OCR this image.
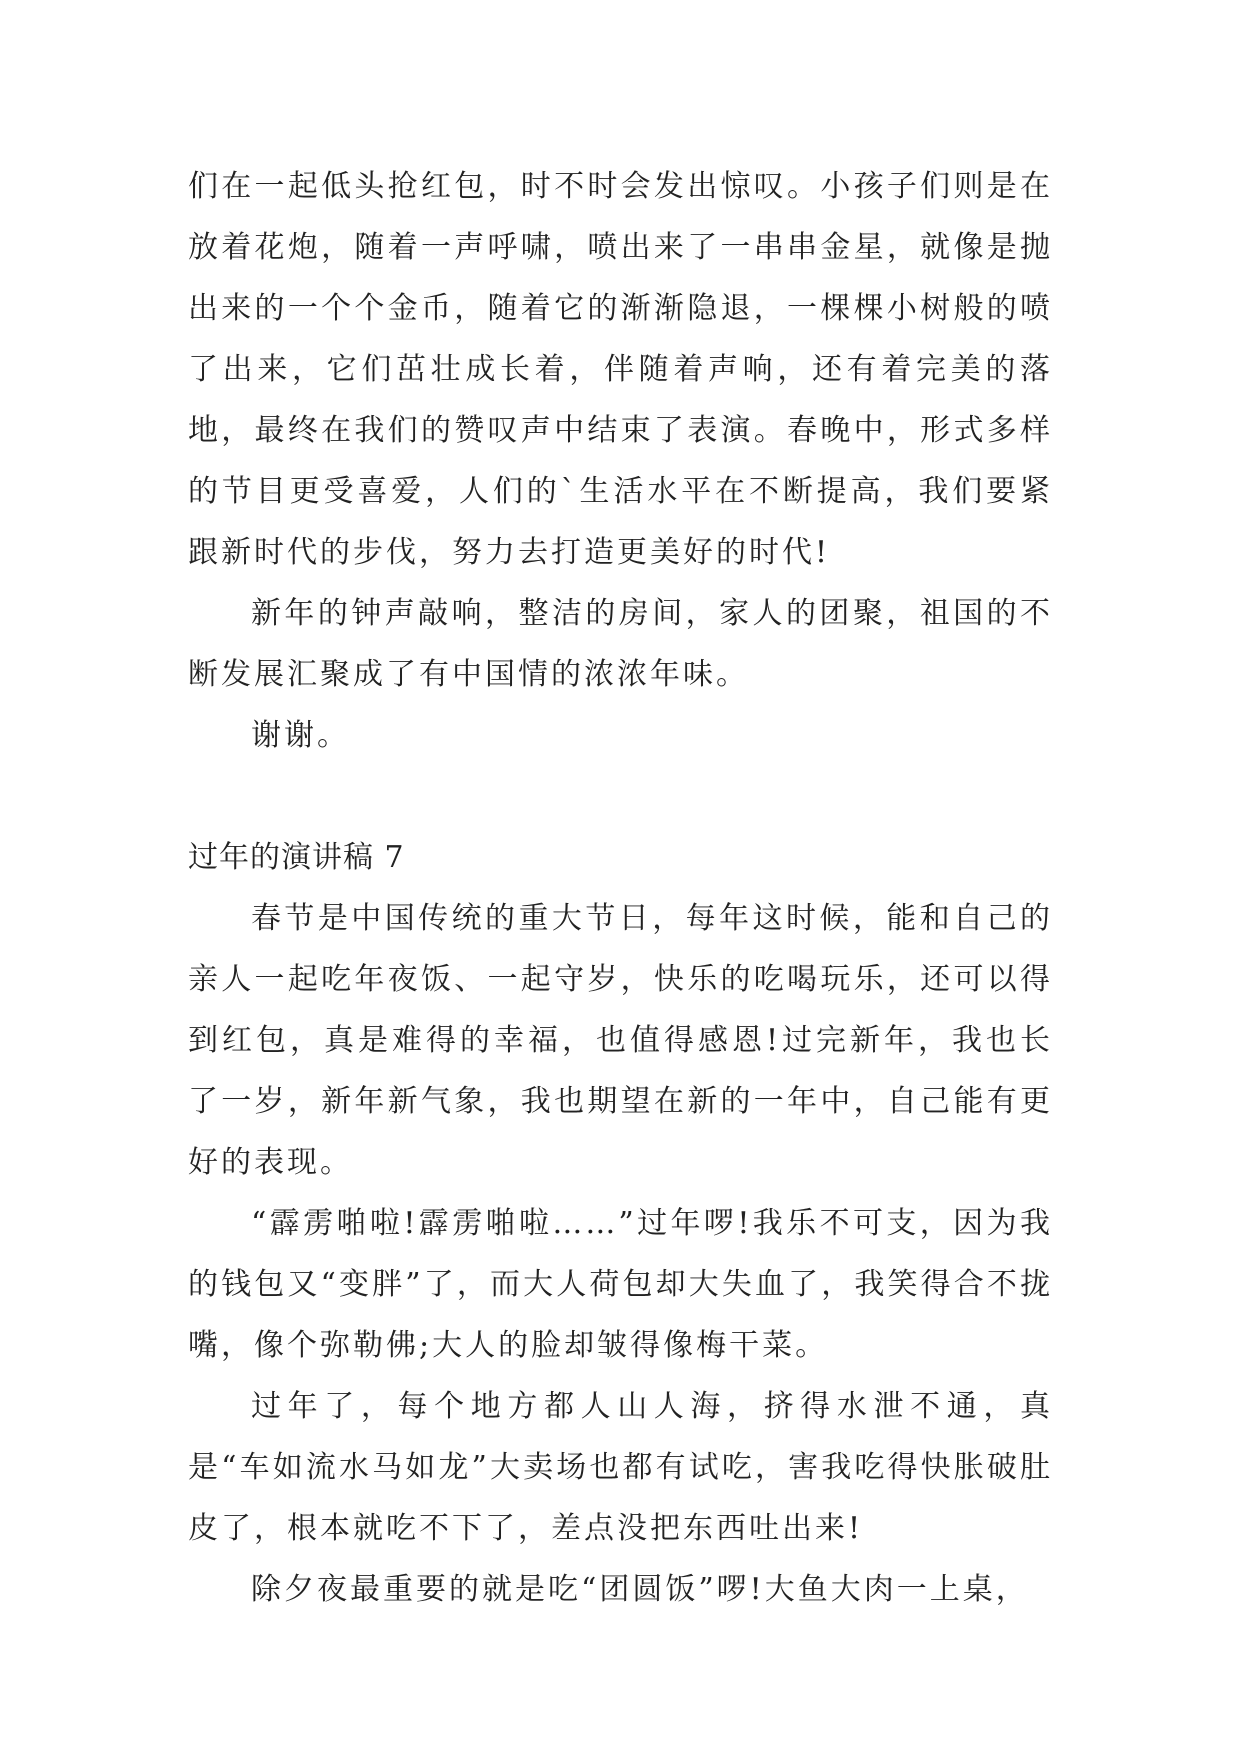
们在一起低头抢红包，时不时会发出惊叹。小孩子们则是在放着花炮，随着一声呼啸，喷出来了一串串金星，就像是抛出来的一个个金币，随着它的渐渐隐退，一棵棵小树般的喷了出来，它们茁壮成长着，伴随着声响，还有着完美的落地，最终在我们的赞叹声中结束了表演。春晚中，形式多样的节目更受喜爱，人们的`生活水平在不断提高，我们要紧跟新时代的步伐，努力去打造更美好的时代!

新年的钟声敲响，整洁的房间，家人的团聚，祖国的不断发展汇聚成了有中国情的浓浓年味。

谢谢。

过年的演讲稿 7

春节是中国传统的重大节日，每年这时候，能和自己的亲人一起吃年夜饭、一起守岁，快乐的吃喝玩乐，还可以得到红包，真是难得的幸福，也值得感恩!过完新年，我也长了一岁，新年新气象，我也期望在新的一年中，自己能有更好的表现。

“霹雳啪啦!霹雳啪啦……”过年啰!我乐不可支，因为我的钱包又“变胖”了，而大人荷包却大失血了，我笑得合不拢嘴，像个弥勒佛;大人的脸却皱得像梅干菜。

过年了，每个地方都人山人海，挤得水泄不通，真是“车如流水马如龙”大卖场也都有试吃，害我吃得快胀破肚皮了，根本就吃不下了，差点没把东西吐出来!

除夕夜最重要的就是吃“团圆饭”啰!大鱼大肉一上桌，
